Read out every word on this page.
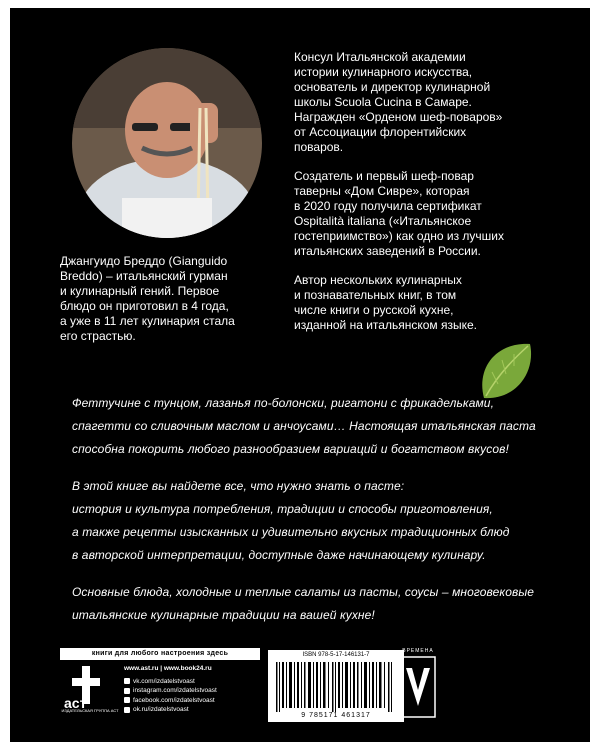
Джангуидо Бреддо (Gianguido
Breddo) – итальянский гурман
и кулинарный гений. Первое
блюдо он приготовил в 4 года,
а уже в 11 лет кулинария стала
его страстью.

Консул Итальянской академии
истории кулинарного искусства,
основатель и директор кулинарной
школы Scuola Cucina в Самаре.
Награжден «Орденом шеф-поваров»
от Ассоциации флорентийских
поваров.

Создатель и первый шеф-повар
таверны «Дом Сивре», которая
в 2020 году получила сертификат
Ospitalità italiana («Итальянское
гостеприимство») как одно из лучших
итальянских заведений в России.

Автор нескольких кулинарных
и познавательных книг, в том
числе книги о русской кухне,
изданной на итальянском языке.

Феттучине с тунцом, лазанья по-болонски, ригатони с фрикадельками,
спагетти со сливочным маслом и анчоусами… Настоящая итальянская паста
способна покорить любого разнообразием вариаций и богатством вкусов!

В этой книге вы найдете все, что нужно знать о пасте:
история и культура потребления, традиции и способы приготовления,
а также рецепты изысканных и удивительно вкусных традиционных блюд
в авторской интерпретации, доступные даже начинающему кулинару.

Основные блюда, холодные и теплые салаты из пасты, соусы – многовековые
итальянские кулинарные традиции на вашей кухне!

книги для любого настроения здесь
аст
ИЗДАТЕЛЬСКАЯ ГРУППА АСТ
www.ast.ru | www.book24.ru
vk.com/izdatelstvoast
instagram.com/izdatelstvoast
facebook.com/izdatelstvoast
ok.ru/izdatelstvoast
ISBN 978-5-17-146131-7
9 785171 461317
ВРЕМЕНА
